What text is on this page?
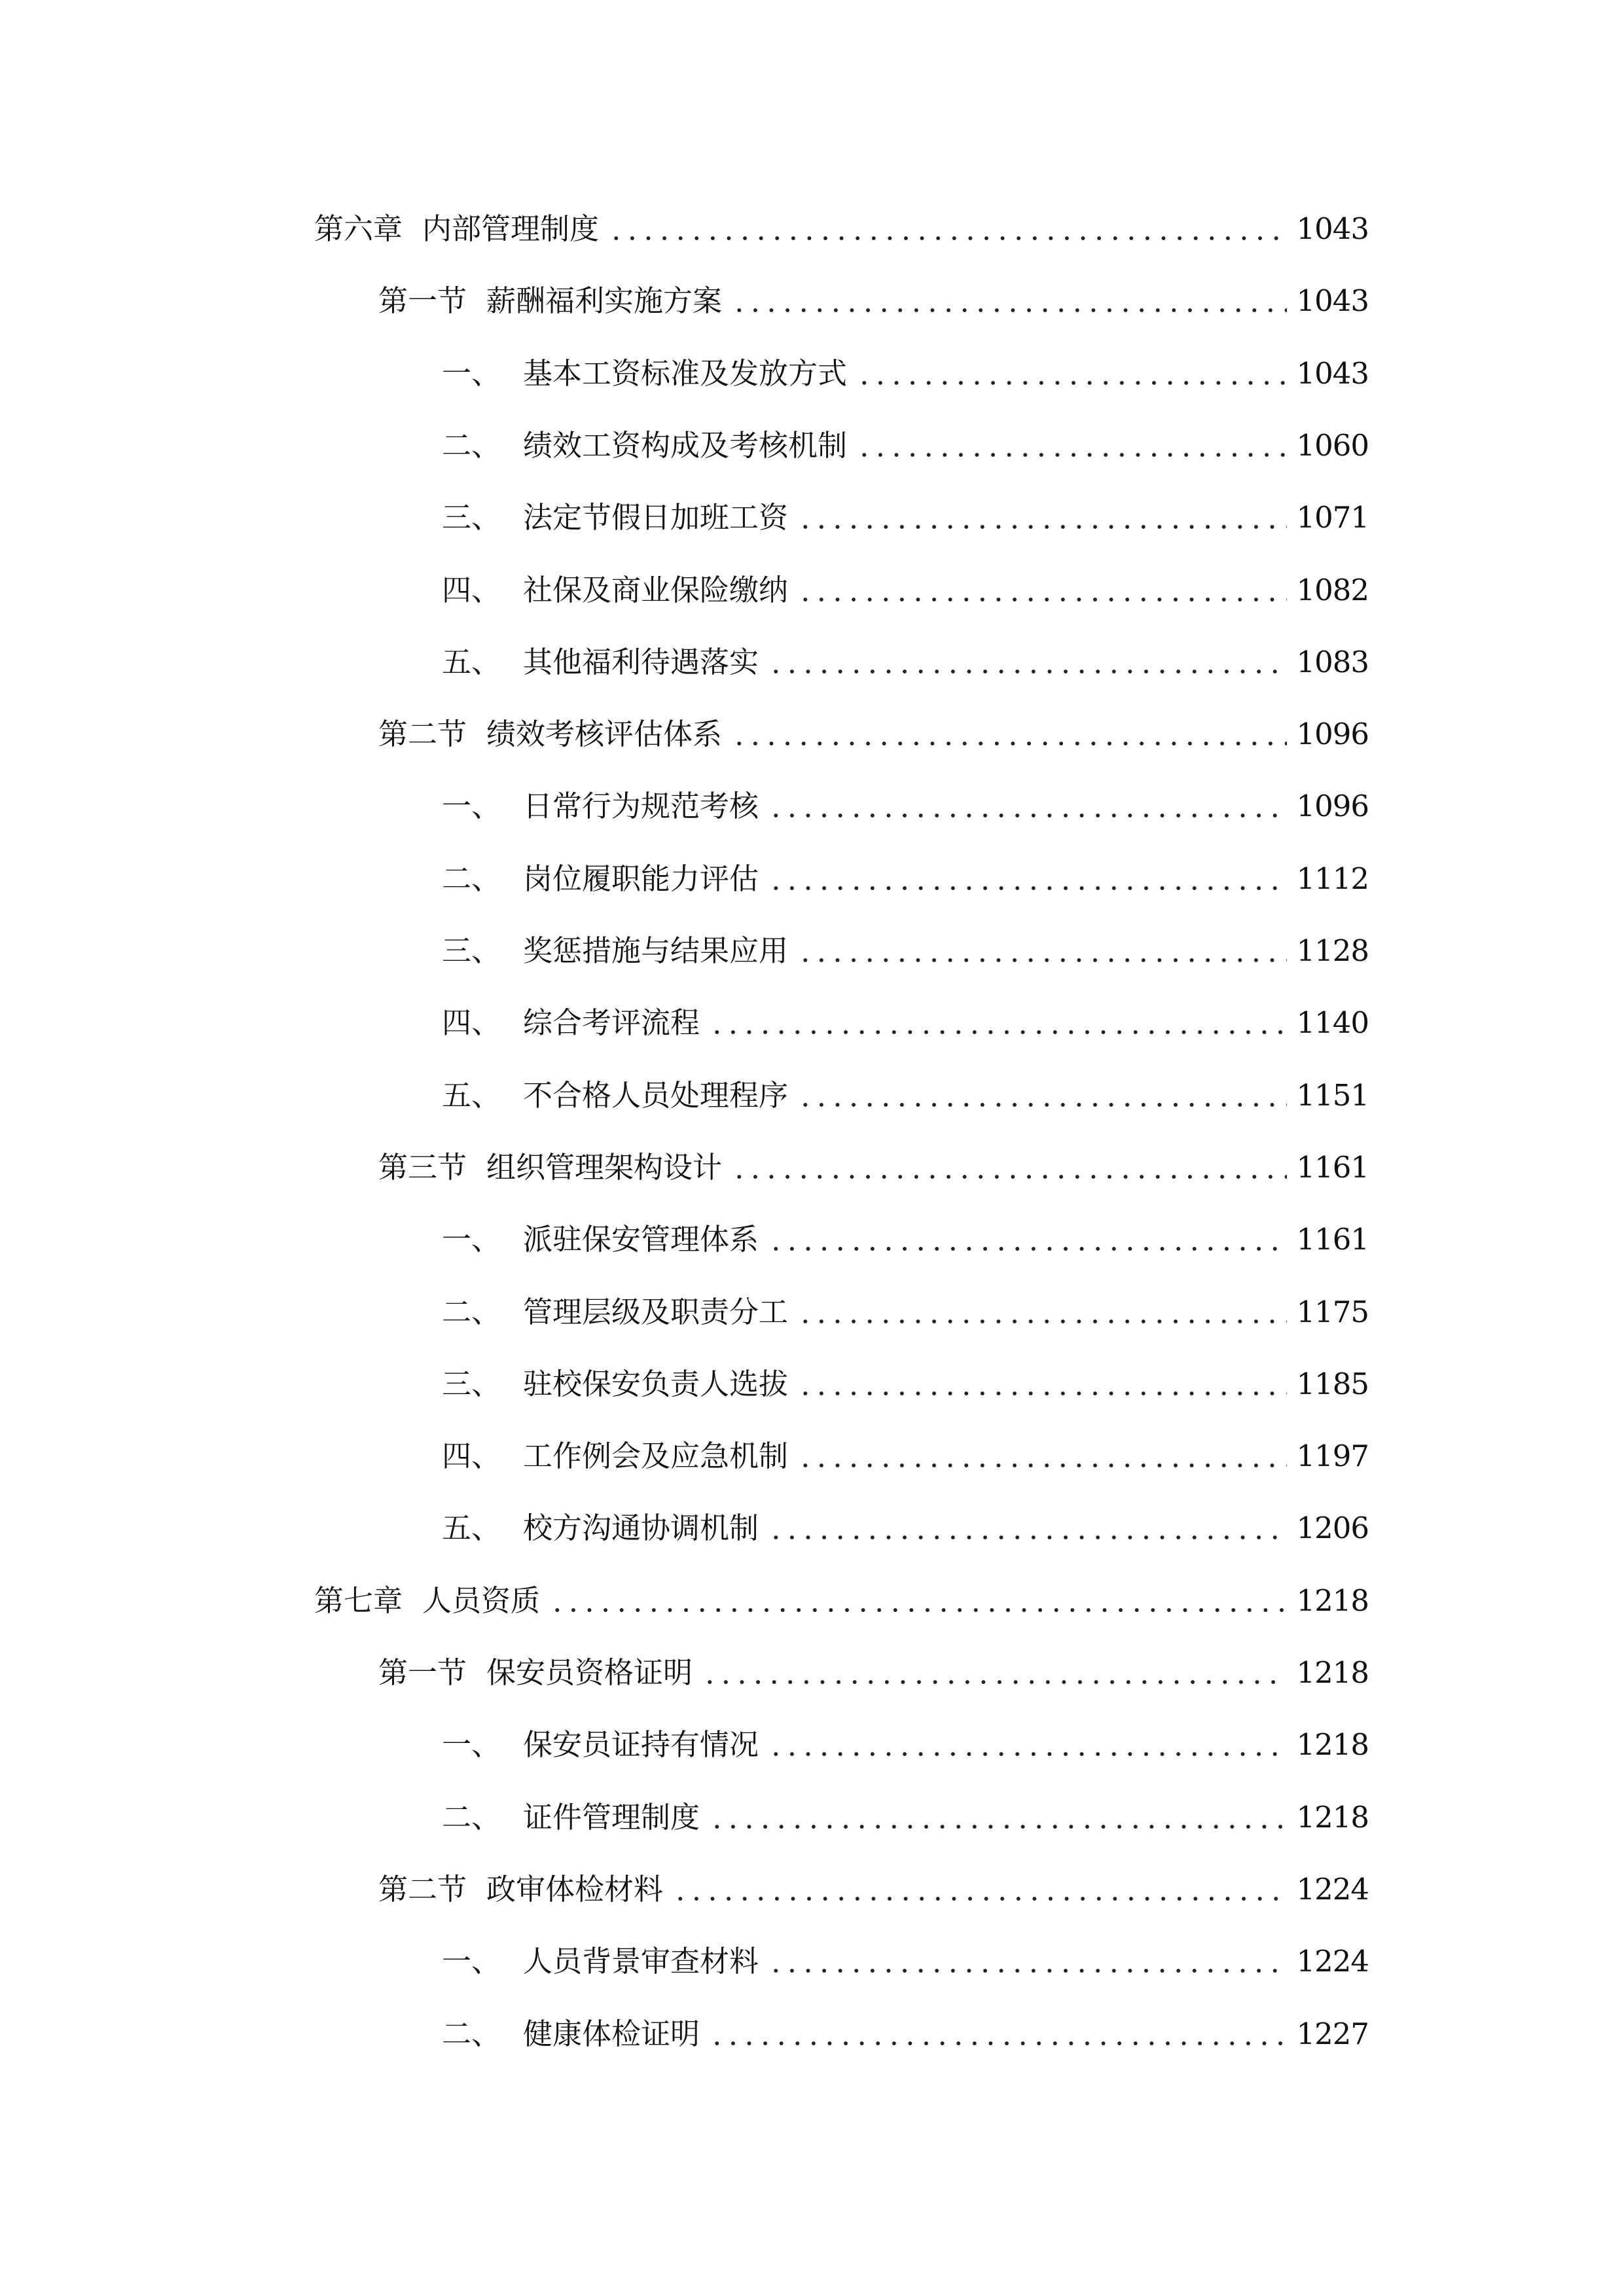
第六章 内部管理制度	1043
第一节 薪酬福利实施方案	1043
一、 基本工资标准及发放方式	1043
二、 绩效工资构成及考核机制	1060
三、 法定节假日加班工资	1071
四、 社保及商业保险缴纳	1082
五、 其他福利待遇落实	1083
第二节 绩效考核评估体系	1096
一、 日常行为规范考核	1096
二、 岗位履职能力评估	1112
三、 奖惩措施与结果应用	1128
四、 综合考评流程	1140
五、 不合格人员处理程序	1151
第三节 组织管理架构设计	1161
一、 派驻保安管理体系	1161
二、 管理层级及职责分工	1175
三、 驻校保安负责人选拔	1185
四、 工作例会及应急机制	1197
五、 校方沟通协调机制	1206
第七章 人员资质	1218
第一节 保安员资格证明	1218
一、 保安员证持有情况	1218
二、 证件管理制度	1218
第二节 政审体检材料	1224
一、 人员背景审查材料	1224
二、 健康体检证明	1227
